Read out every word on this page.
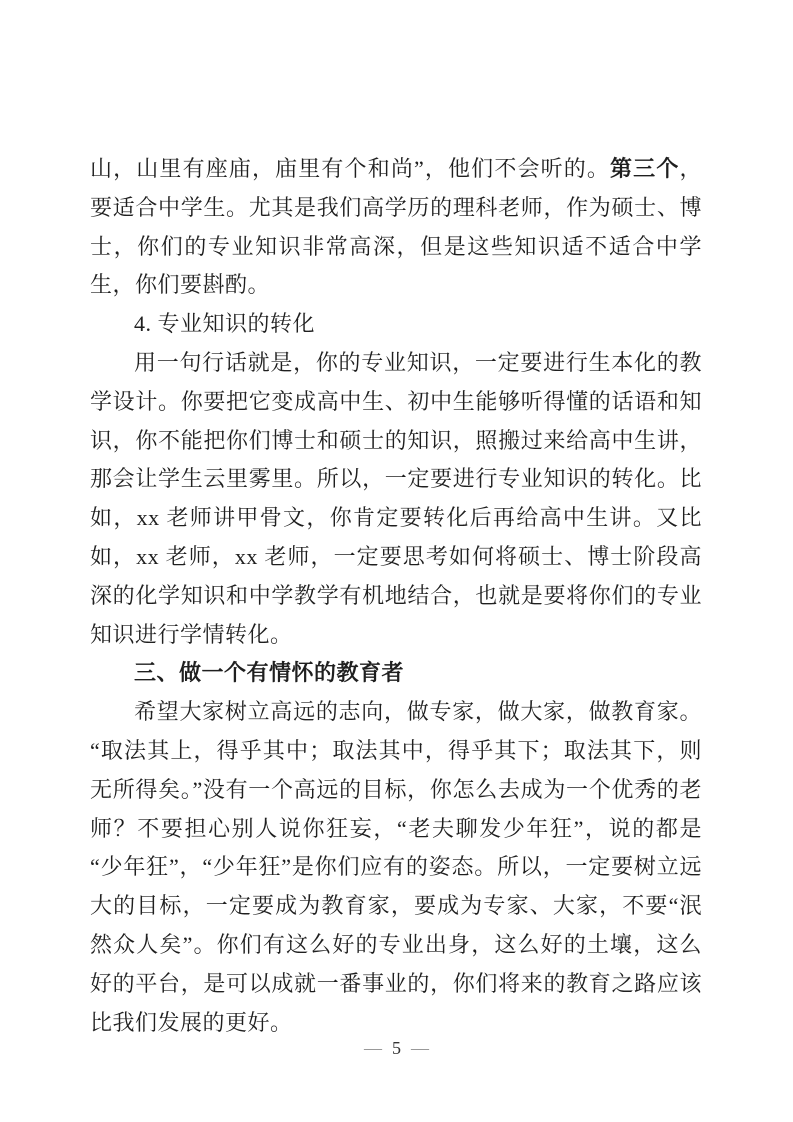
山，山里有座庙，庙里有个和尚”，他们不会听的。第三个，要适合中学生。尤其是我们高学历的理科老师，作为硕士、博士，你们的专业知识非常高深，但是这些知识适不适合中学生，你们要斟酌。

4. 专业知识的转化

用一句行话就是，你的专业知识，一定要进行生本化的教学设计。你要把它变成高中生、初中生能够听得懂的话语和知识，你不能把你们博士和硕士的知识，照搬过来给高中生讲，那会让学生云里雾里。所以，一定要进行专业知识的转化。比如，xx 老师讲甲骨文，你肯定要转化后再给高中生讲。又比如，xx 老师，xx 老师，一定要思考如何将硕士、博士阶段高深的化学知识和中学教学有机地结合，也就是要将你们的专业知识进行学情转化。

三、做一个有情怀的教育者

希望大家树立高远的志向，做专家，做大家，做教育家。“取法其上，得乎其中；取法其中，得乎其下；取法其下，则无所得矣。”没有一个高远的目标，你怎么去成为一个优秀的老师？不要担心别人说你狂妄，“老夫聊发少年狂”，说的都是“少年狂”，“少年狂”是你们应有的姿态。所以，一定要树立远大的目标，一定要成为教育家，要成为专家、大家，不要“泯然众人矣”。你们有这么好的专业出身，这么好的土壤，这么好的平台，是可以成就一番事业的，你们将来的教育之路应该比我们发展的更好。

— 5 —
